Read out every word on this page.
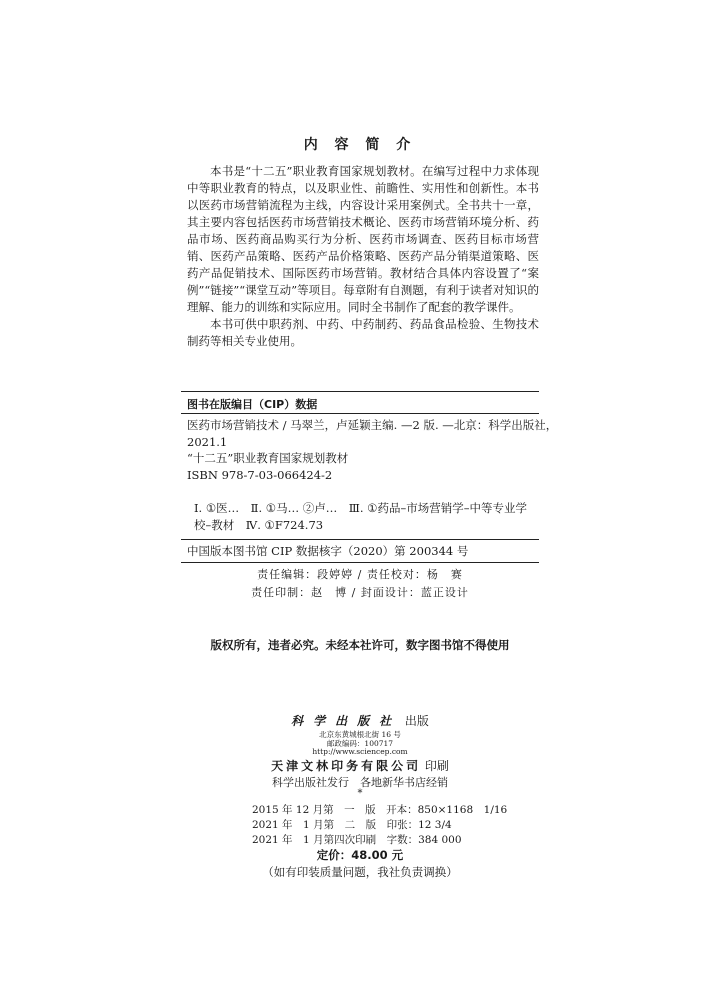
内 容 简 介

本书是“十二五”职业教育国家规划教材。在编写过程中力求体现中等职业教育的特点，以及职业性、前瞻性、实用性和创新性。本书以医药市场营销流程为主线，内容设计采用案例式。全书共十一章，其主要内容包括医药市场营销技术概论、医药市场营销环境分析、药品市场、医药商品购买行为分析、医药市场调查、医药目标市场营销、医药产品策略、医药产品价格策略、医药产品分销渠道策略、医药产品促销技术、国际医药市场营销。教材结合具体内容设置了“案例”“链接”“课堂互动”等项目。每章附有自测题，有利于读者对知识的理解、能力的训练和实际应用。同时全书制作了配套的教学课件。

本书可供中职药剂、中药、中药制药、药品食品检验、生物技术制药等相关专业使用。

图书在版编目（CIP）数据
医药市场营销技术 / 马翠兰，卢延颖主编. —2 版. —北京：科学出版社，
2021.1
“十二五”职业教育国家规划教材
ISBN 978-7-03-066424-2
Ⅰ. ①医…　Ⅱ. ①马… ②卢…　Ⅲ. ①药品–市场营销学–中等专业学校–教材　Ⅳ. ①F724.73
中国版本图书馆 CIP 数据核字（2020）第 200344 号
责任编辑：段婷婷 / 责任校对：杨　赛
责任印制：赵　博 / 封面设计：蓝正设计
版权所有，违者必究。未经本社许可，数字图书馆不得使用
科学出版社 出版
北京东黄城根北街 16 号
邮政编码：100717
http://www.sciencep.com
天津文林印务有限公司 印刷
科学出版社发行　各地新华书店经销
*
2015 年 12 月第　一　版　开本：850×1168　1/16
2021 年　1 月第　二　版　印张：12 3/4
2021 年　1 月第四次印刷　字数：384 000
定价：48.00 元
（如有印装质量问题，我社负责调换）
